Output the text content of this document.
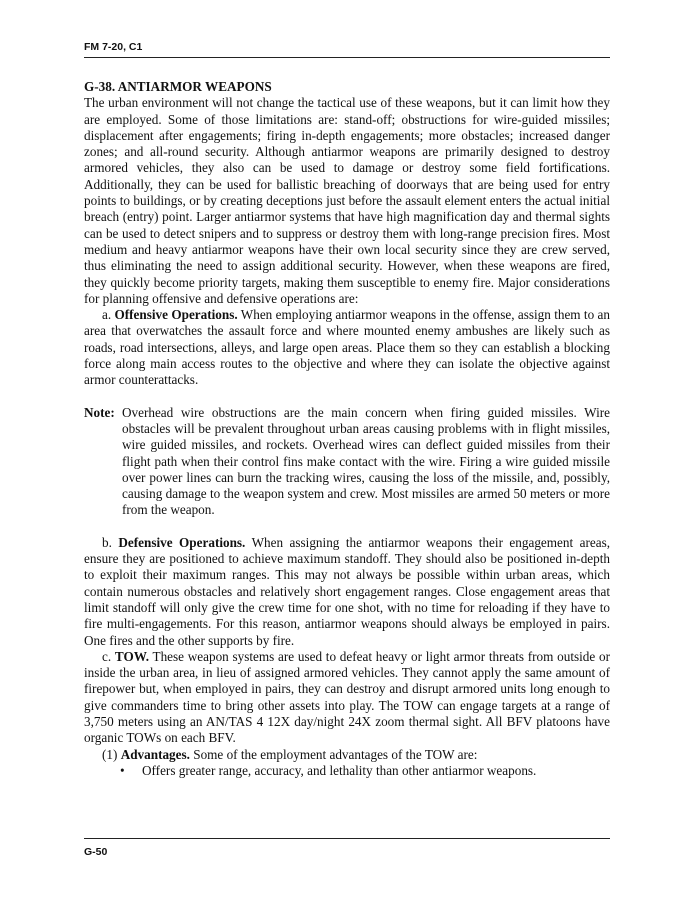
FM 7-20, C1

G-38. ANTIARMOR WEAPONS

The urban environment will not change the tactical use of these weapons, but it can limit how they are employed. Some of those limitations are: stand-off; obstructions for wire-guided missiles; displacement after engagements; firing in-depth engagements; more obstacles; increased danger zones; and all-round security. Although antiarmor weapons are primarily designed to destroy armored vehicles, they also can be used to damage or destroy some field fortifications. Additionally, they can be used for ballistic breaching of doorways that are being used for entry points to buildings, or by creating deceptions just before the assault element enters the actual initial breach (entry) point. Larger antiarmor systems that have high magnification day and thermal sights can be used to detect snipers and to suppress or destroy them with long-range precision fires. Most medium and heavy antiarmor weapons have their own local security since they are crew served, thus eliminating the need to assign additional security. However, when these weapons are fired, they quickly become priority targets, making them susceptible to enemy fire. Major considerations for planning offensive and defensive operations are:

a. Offensive Operations. When employing antiarmor weapons in the offense, assign them to an area that overwatches the assault force and where mounted enemy ambushes are likely such as roads, road intersections, alleys, and large open areas. Place them so they can establish a blocking force along main access routes to the objective and where they can isolate the objective against armor counterattacks.

Note: Overhead wire obstructions are the main concern when firing guided missiles. Wire obstacles will be prevalent throughout urban areas causing problems with in flight missiles, wire guided missiles, and rockets. Overhead wires can deflect guided missiles from their flight path when their control fins make contact with the wire. Firing a wire guided missile over power lines can burn the tracking wires, causing the loss of the missile, and, possibly, causing damage to the weapon system and crew. Most missiles are armed 50 meters or more from the weapon.

b. Defensive Operations. When assigning the antiarmor weapons their engagement areas, ensure they are positioned to achieve maximum standoff. They should also be positioned in-depth to exploit their maximum ranges. This may not always be possible within urban areas, which contain numerous obstacles and relatively short engagement ranges. Close engagement areas that limit standoff will only give the crew time for one shot, with no time for reloading if they have to fire multi-engagements. For this reason, antiarmor weapons should always be employed in pairs. One fires and the other supports by fire.

c. TOW. These weapon systems are used to defeat heavy or light armor threats from outside or inside the urban area, in lieu of assigned armored vehicles. They cannot apply the same amount of firepower but, when employed in pairs, they can destroy and disrupt armored units long enough to give commanders time to bring other assets into play. The TOW can engage targets at a range of 3,750 meters using an AN/TAS 4 12X day/night 24X zoom thermal sight. All BFV platoons have organic TOWs on each BFV.

(1) Advantages. Some of the employment advantages of the TOW are:

•	Offers greater range, accuracy, and lethality than other antiarmor weapons.
G-50
